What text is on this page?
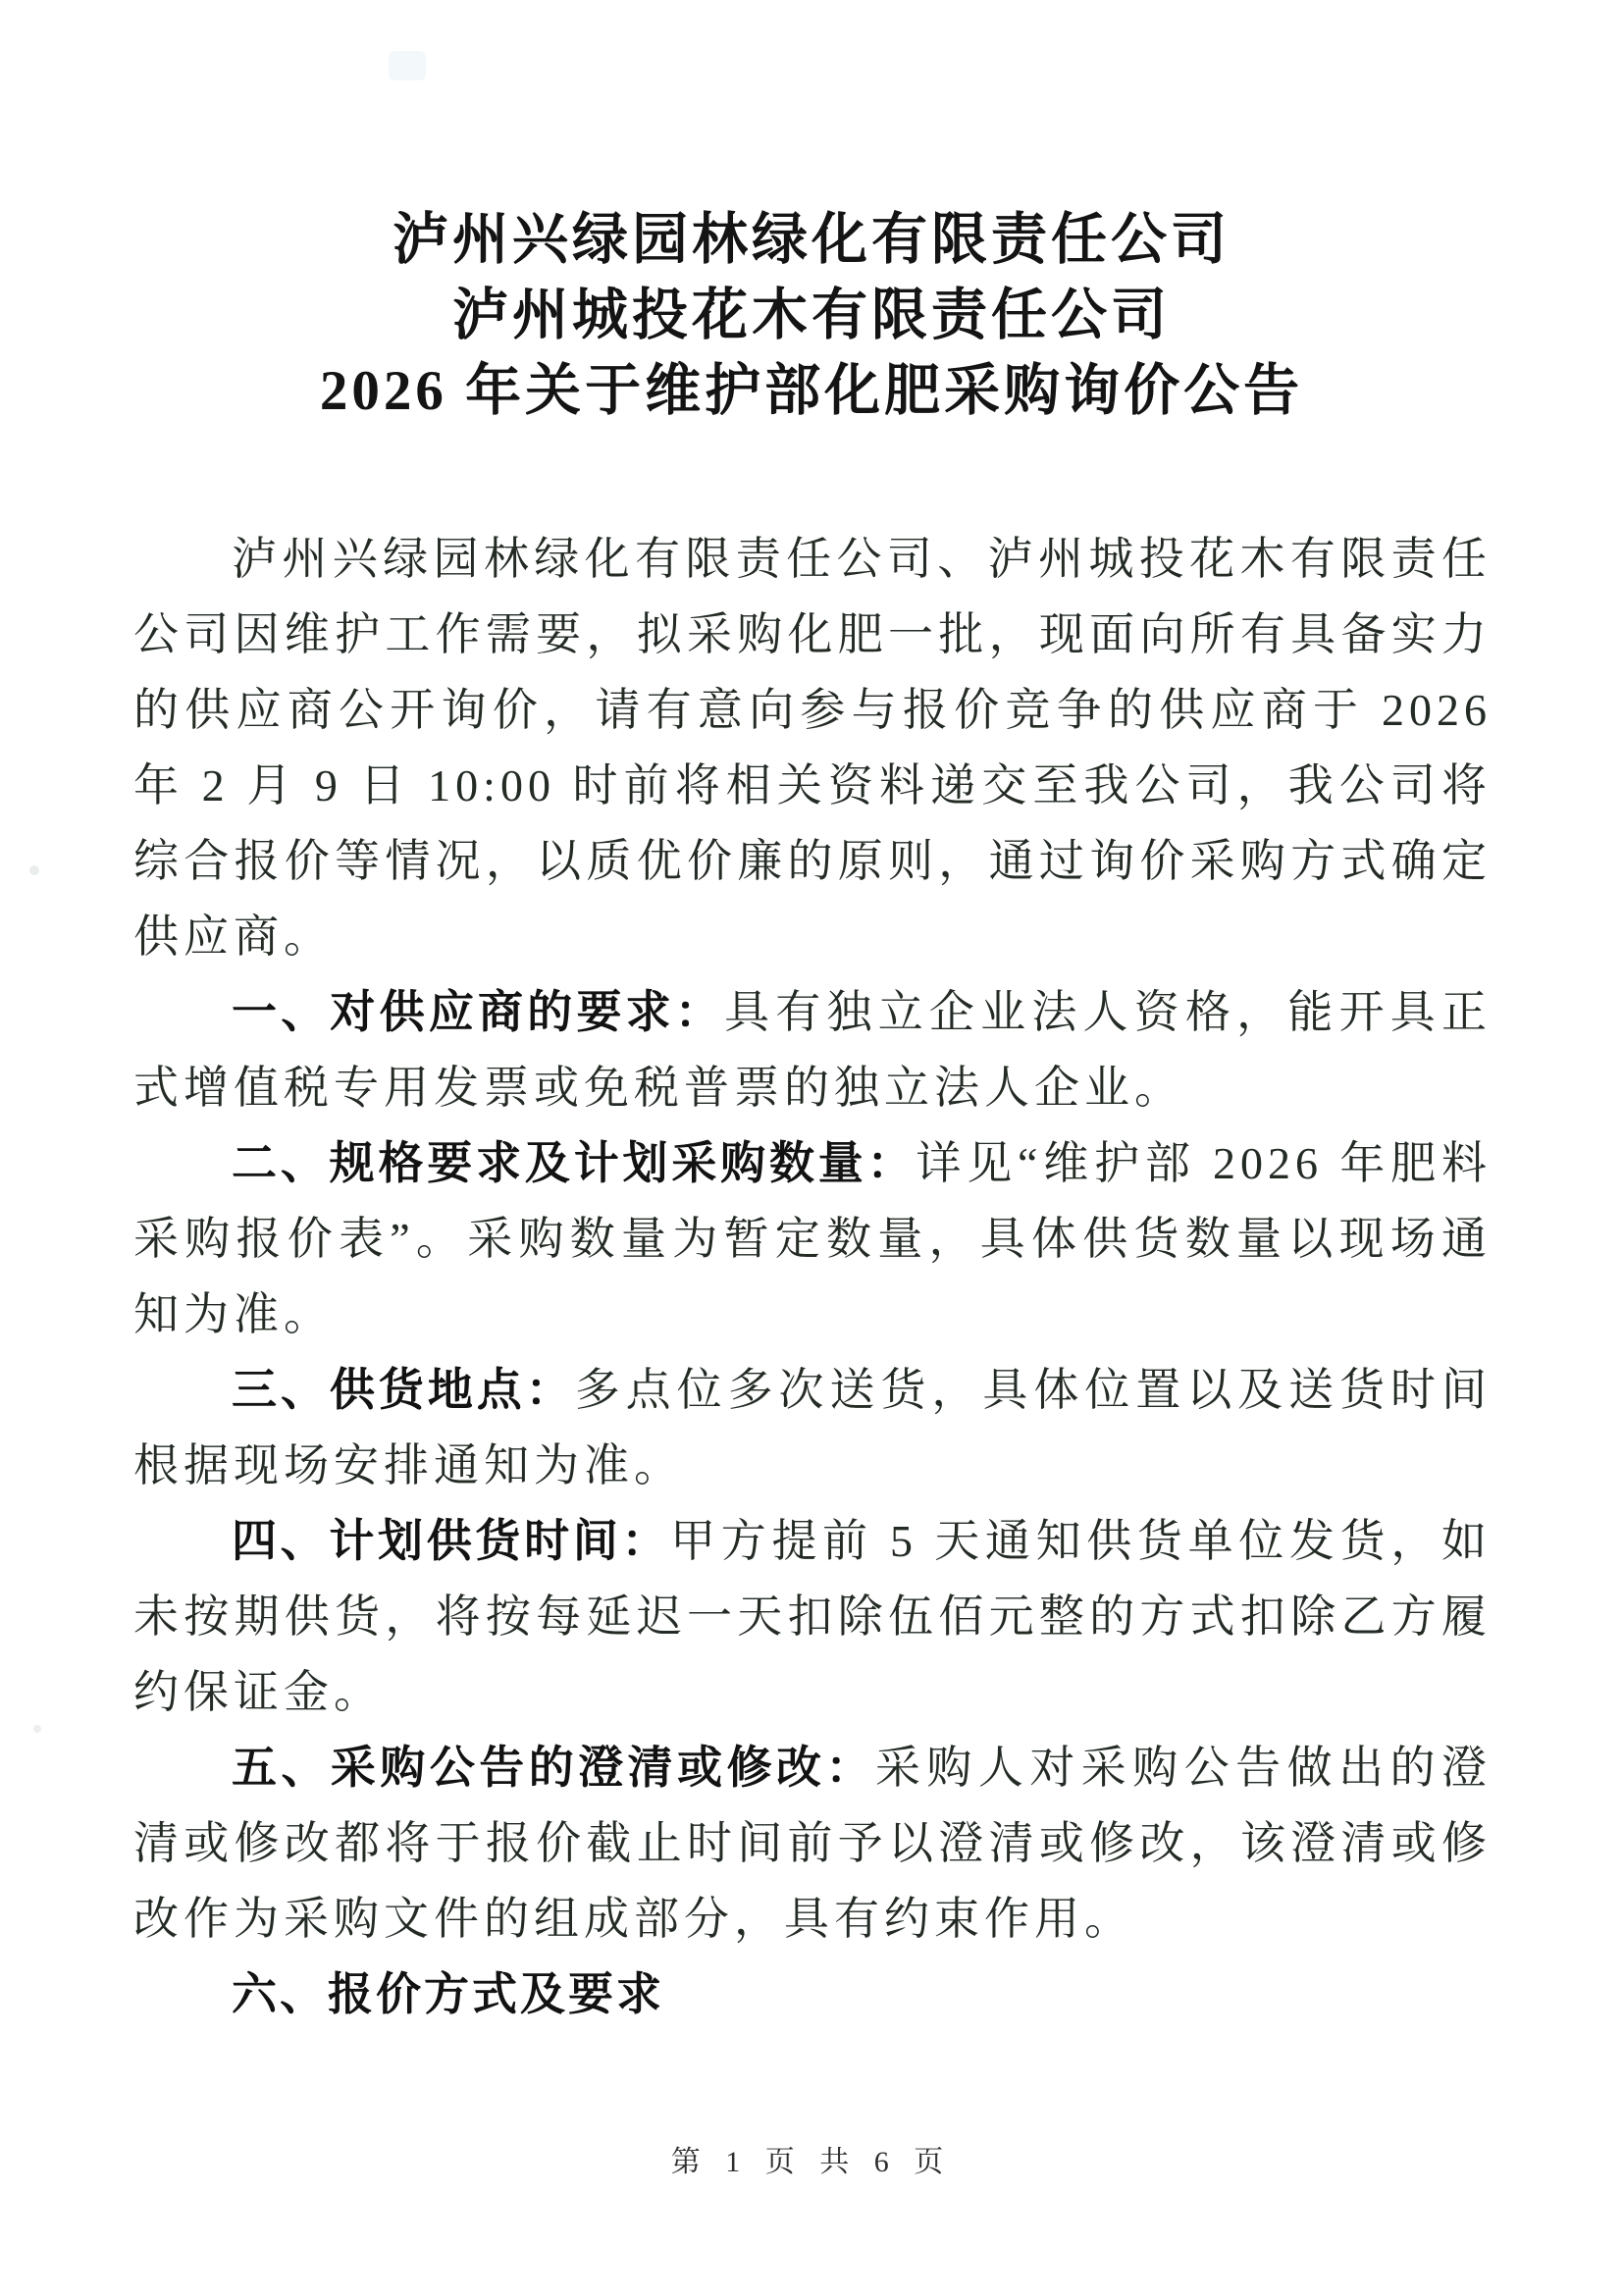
泸州兴绿园林绿化有限责任公司
泸州城投花木有限责任公司
2026 年关于维护部化肥采购询价公告

泸州兴绿园林绿化有限责任公司、泸州城投花木有限责任公司因维护工作需要，拟采购化肥一批，现面向所有具备实力的供应商公开询价，请有意向参与报价竞争的供应商于 2026 年 2 月 9 日 10:00 时前将相关资料递交至我公司，我公司将综合报价等情况，以质优价廉的原则，通过询价采购方式确定供应商。

一、对供应商的要求：具有独立企业法人资格，能开具正式增值税专用发票或免税普票的独立法人企业。

二、规格要求及计划采购数量：详见“维护部 2026 年肥料采购报价表”。采购数量为暂定数量，具体供货数量以现场通知为准。

三、供货地点：多点位多次送货，具体位置以及送货时间根据现场安排通知为准。

四、计划供货时间：甲方提前 5 天通知供货单位发货，如未按期供货，将按每延迟一天扣除伍佰元整的方式扣除乙方履约保证金。

五、采购公告的澄清或修改：采购人对采购公告做出的澄清或修改都将于报价截止时间前予以澄清或修改，该澄清或修改作为采购文件的组成部分，具有约束作用。

六、报价方式及要求

第 1 页 共 6 页
